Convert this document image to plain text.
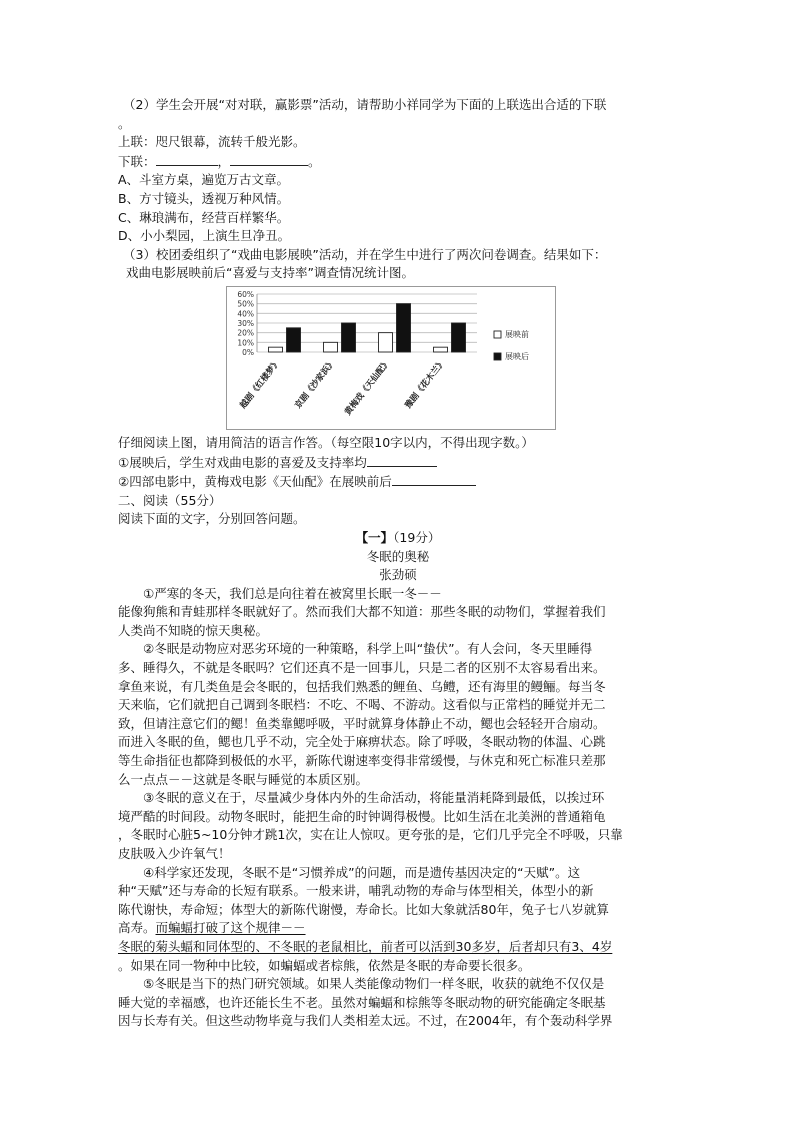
（2）学生会开展“对对联，赢影票”活动，请帮助小祥同学为下面的上联选出合适的下联
。
上联：咫尺银幕，流转千般光影。
下联：	，	。
A、斗室方桌，遍览万古文章。
B、方寸镜头，透视万种风情。
C、琳琅满布，经营百样繁华。
D、小小梨园，上演生旦净丑。
（3）校团委组织了“戏曲电影展映”活动，并在学生中进行了两次问卷调查。结果如下：
戏曲电影展映前后“喜爱与支持率”调查情况统计图。
0%
10%
20%
30%
40%
50%
60%
越剧《红楼梦》 京剧《沙家浜》 黄梅戏《天仙配》 豫剧《花木兰》
展映前
展映后
仔细阅读上图，请用简洁的语言作答。（每空限10字以内，不得出现字数。）
①展映后，学生对戏曲电影的喜爱及支持率均
②四部电影中，黄梅戏电影《天仙配》在展映前后
二、阅读（55分）
阅读下面的文字，分别回答问题。
【一】（19分）
冬眠的奥秘
张劲硕
①严寒的冬天，我们总是向往着在被窝里长眠一冬－－
能像狗熊和青蛙那样冬眠就好了。然而我们大都不知道：那些冬眠的动物们，掌握着我们
人类尚不知晓的惊天奥秘。
②冬眠是动物应对恶劣环境的一种策略，科学上叫“蛰伏”。有人会问，冬天里睡得
多、睡得久，不就是冬眠吗？它们还真不是一回事儿，只是二者的区别不太容易看出来。
拿鱼来说，有几类鱼是会冬眠的，包括我们熟悉的鲤鱼、乌鳢，还有海里的鳗鲡。每当冬
天来临，它们就把自己调到冬眠档：不吃、不喝、不游动。这看似与正常档的睡觉并无二
致，但请注意它们的鳃！鱼类靠鳃呼吸，平时就算身体静止不动，鳃也会轻轻开合扇动。
而进入冬眠的鱼，鳃也几乎不动，完全处于麻痹状态。除了呼吸，冬眠动物的体温、心跳
等生命指征也都降到极低的水平，新陈代谢速率变得非常缓慢，与休克和死亡标准只差那
么一点点－－这就是冬眠与睡觉的本质区别。
③冬眠的意义在于，尽量减少身体内外的生命活动，将能量消耗降到最低，以挨过环
境严酷的时间段。动物冬眠时，能把生命的时钟调得极慢。比如生活在北美洲的普通箱龟
，冬眠时心脏5~10分钟才跳1次，实在让人惊叹。更夸张的是，它们几乎完全不呼吸，只靠
皮肤吸入少许氧气！
④科学家还发现，冬眠不是“习惯养成”的问题，而是遗传基因决定的“天赋”。这
种“天赋”还与寿命的长短有联系。一般来讲，哺乳动物的寿命与体型相关，体型小的新
陈代谢快，寿命短；体型大的新陈代谢慢，寿命长。比如大象就活80年，兔子七八岁就算
高寿。而蝙蝠打破了这个规律－－
冬眠的菊头蝠和同体型的、不冬眠的老鼠相比，前者可以活到30多岁，后者却只有3、4岁
。如果在同一物种中比较，如蝙蝠或者棕熊，依然是冬眠的寿命要长很多。
⑤冬眠是当下的热门研究领域。如果人类能像动物们一样冬眠，收获的就绝不仅仅是
睡大觉的幸福感，也许还能长生不老。虽然对蝙蝠和棕熊等冬眠动物的研究能确定冬眠基
因与长寿有关。但这些动物毕竟与我们人类相差太远。不过，在2004年，有个轰动科学界
